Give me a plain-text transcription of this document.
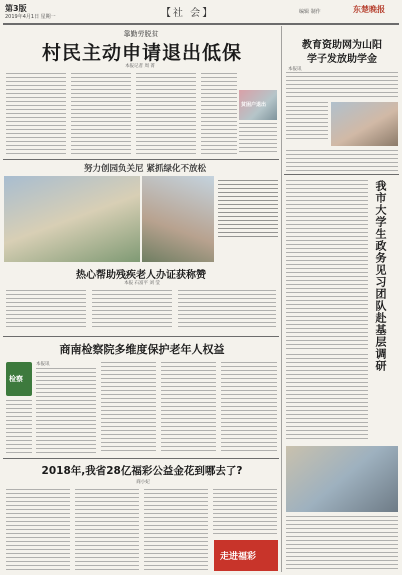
第3版
2019年4月1日 星期一	【社 会】	编辑 制作	东楚晚报
靠勤劳脱贫
村民主动申请退出低保
本报记者 周 菁
贫困户退出
努力创园负关尼 紧抓绿化不放松
热心帮助残疾老人办证获称赞
本报 石富平 刘 莹
商南检察院多维度保护老年人权益
检察
本报讯
2018年,我省28亿福彩公益金花到哪去了?
商小妃
走进福彩
教育资助网为山阳
学子发放助学金
本报讯
我市大学生政务见习团队赴基层调研
